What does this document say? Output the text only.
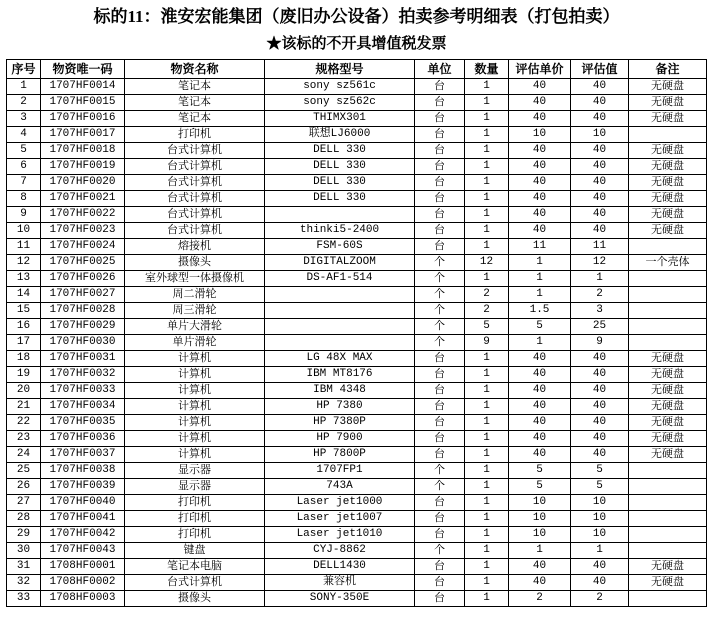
标的11：淮安宏能集团（废旧办公设备）拍卖参考明细表（打包拍卖）
★该标的不开具增值税发票
序号	物资唯一码	物资名称	规格型号	单位	数量	评估单价	评估值	备注
1	1707HF0014	笔记本	sony sz561c	台	1	40	40	无硬盘
2	1707HF0015	笔记本	sony sz562c	台	1	40	40	无硬盘
3	1707HF0016	笔记本	THIMX301	台	1	40	40	无硬盘
4	1707HF0017	打印机	联想LJ6000	台	1	10	10	
5	1707HF0018	台式计算机	DELL 330	台	1	40	40	无硬盘
6	1707HF0019	台式计算机	DELL 330	台	1	40	40	无硬盘
7	1707HF0020	台式计算机	DELL 330	台	1	40	40	无硬盘
8	1707HF0021	台式计算机	DELL 330	台	1	40	40	无硬盘
9	1707HF0022	台式计算机		台	1	40	40	无硬盘
10	1707HF0023	台式计算机	thinki5-2400	台	1	40	40	无硬盘
11	1707HF0024	熔接机	FSM-60S	台	1	11	11	
12	1707HF0025	摄像头	DIGITALZOOM	个	12	1	12	一个壳体
13	1707HF0026	室外球型一体摄像机	DS-AF1-514	个	1	1	1	
14	1707HF0027	周二滑轮		个	2	1	2	
15	1707HF0028	周三滑轮		个	2	1.5	3	
16	1707HF0029	单片大滑轮		个	5	5	25	
17	1707HF0030	单片滑轮		个	9	1	9	
18	1707HF0031	计算机	LG 48X MAX	台	1	40	40	无硬盘
19	1707HF0032	计算机	IBM MT8176	台	1	40	40	无硬盘
20	1707HF0033	计算机	IBM 4348	台	1	40	40	无硬盘
21	1707HF0034	计算机	HP 7380	台	1	40	40	无硬盘
22	1707HF0035	计算机	HP 7380P	台	1	40	40	无硬盘
23	1707HF0036	计算机	HP 7900	台	1	40	40	无硬盘
24	1707HF0037	计算机	HP 7800P	台	1	40	40	无硬盘
25	1707HF0038	显示器	1707FP1	个	1	5	5	
26	1707HF0039	显示器	743A	个	1	5	5	
27	1707HF0040	打印机	Laser jet1000	台	1	10	10	
28	1707HF0041	打印机	Laser jet1007	台	1	10	10	
29	1707HF0042	打印机	Laser jet1010	台	1	10	10	
30	1707HF0043	键盘	CYJ-8862	个	1	1	1	
31	1708HF0001	笔记本电脑	DELL1430	台	1	40	40	无硬盘
32	1708HF0002	台式计算机	兼容机	台	1	40	40	无硬盘
33	1708HF0003	摄像头	SONY-350E	台	1	2	2	
